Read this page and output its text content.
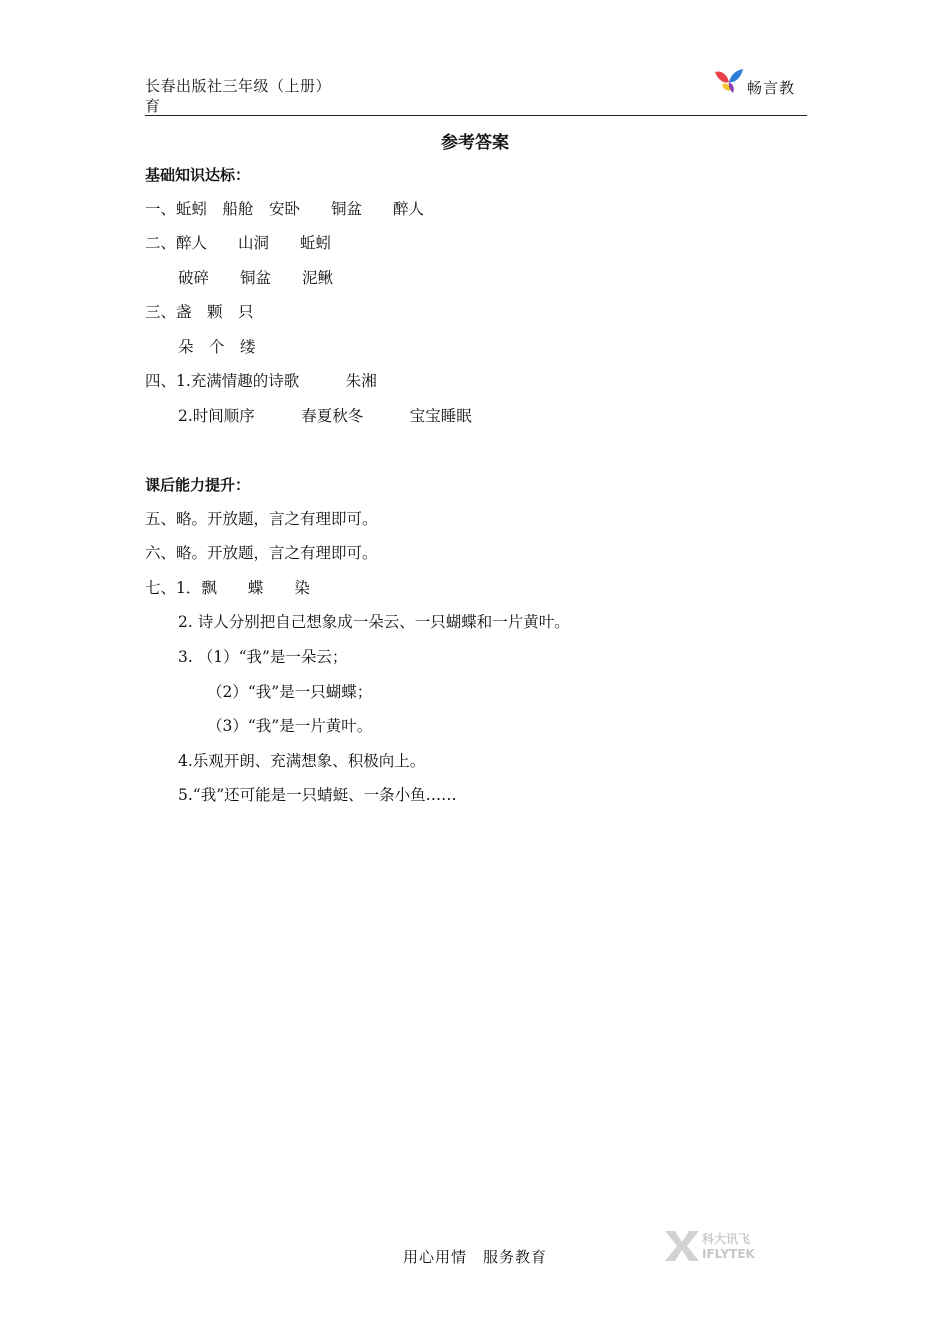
长春出版社三年级（上册）
育
畅言教
参考答案
基础知识达标：
一、蚯蚓　船舱　安卧　　铜盆　　醉人
二、醉人　　山洞　　蚯蚓
破碎　　铜盆　　泥鳅
三、盏　颗　只
朵　个　缕
四、1.充满情趣的诗歌　　　朱湘
2.时间顺序　　　春夏秋冬　　　宝宝睡眠
课后能力提升：
五、略。开放题，言之有理即可。
六、略。开放题，言之有理即可。
七、1．飘　　蝶　　染
2. 诗人分别把自己想象成一朵云、一只蝴蝶和一片黄叶。
3. （1）“我”是一朵云；
（2）“我”是一只蝴蝶；
（3）“我”是一片黄叶。
4.乐观开朗、充满想象、积极向上。
5.“我”还可能是一只蜻蜓、一条小鱼……
用心用情　服务教育
科大讯飞
IFLYTEK
